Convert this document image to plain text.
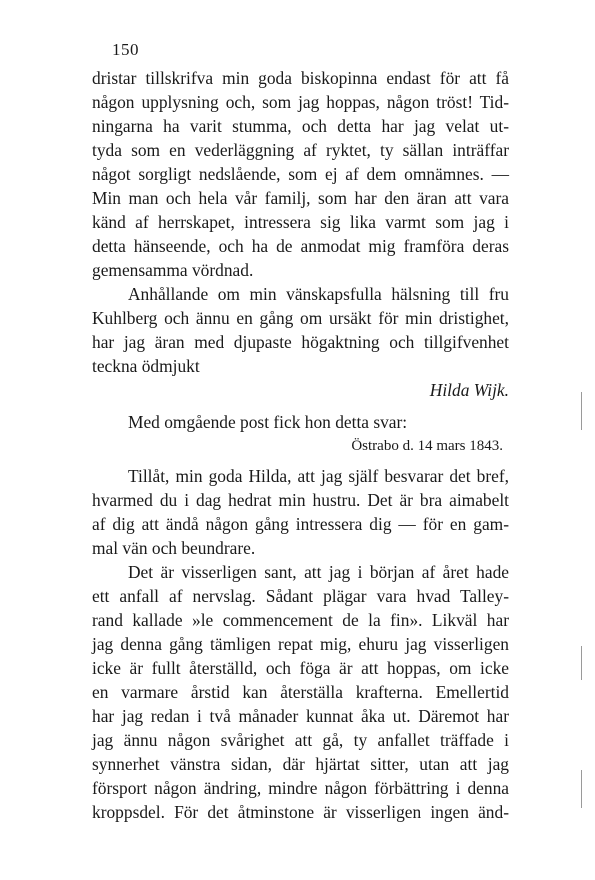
150
dristar tillskrifva min goda biskopinna endast för att få
någon upplysning och, som jag hoppas, någon tröst! Tid-
ningarna ha varit stumma, och detta har jag velat ut-
tyda som en vederläggning af ryktet, ty sällan inträffar
något sorgligt nedslående, som ej af dem omnämnes. —
Min man och hela vår familj, som har den äran att vara
känd af herrskapet, intressera sig lika varmt som jag i
detta hänseende, och ha de anmodat mig framföra deras
gemensamma vördnad.
Anhållande om min vänskapsfulla hälsning till fru
Kuhlberg och ännu en gång om ursäkt för min dristighet,
har jag äran med djupaste högaktning och tillgifvenhet
teckna ödmjukt
Hilda Wijk.
Med omgående post fick hon detta svar:
Östrabo d. 14 mars 1843.
Tillåt, min goda Hilda, att jag själf besvarar det bref,
hvarmed du i dag hedrat min hustru. Det är bra aimabelt
af dig att ändå någon gång intressera dig — för en gam-
mal vän och beundrare.
Det är visserligen sant, att jag i början af året hade
ett anfall af nervslag. Sådant plägar vara hvad Talley-
rand kallade »le commencement de la fin». Likväl har
jag denna gång tämligen repat mig, ehuru jag visserligen
icke är fullt återställd, och föga är att hoppas, om icke
en varmare årstid kan återställa krafterna. Emellertid
har jag redan i två månader kunnat åka ut. Däremot har
jag ännu någon svårighet att gå, ty anfallet träffade i
synnerhet vänstra sidan, där hjärtat sitter, utan att jag
försport någon ändring, mindre någon förbättring i denna
kroppsdel. För det åtminstone är visserligen ingen änd-
